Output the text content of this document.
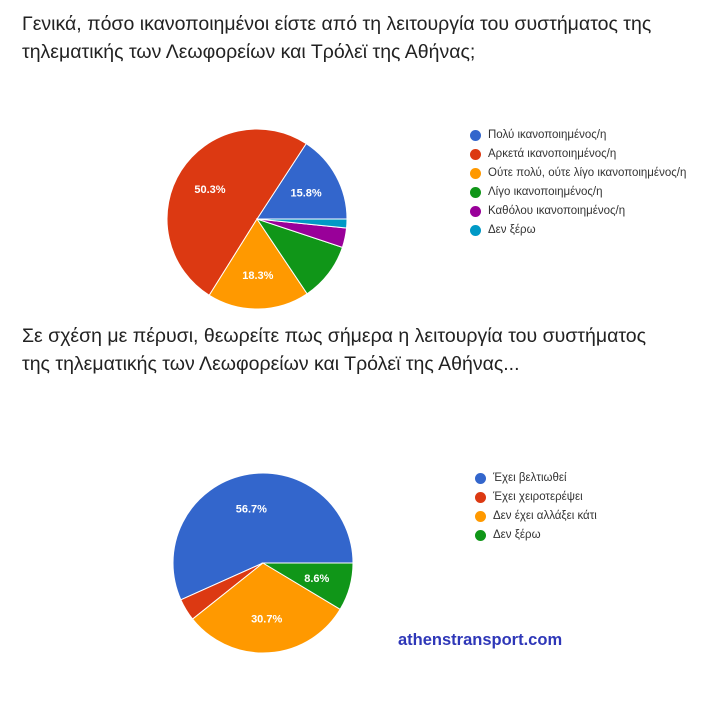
Γενικά, πόσο ικανοποιημένοι είστε από τη λειτουργία του συστήματος της τηλεματικής των Λεωφορείων και Τρόλεϊ της Αθήνας;
15.8%
50.3%
18.3%
Πολύ ικανοποιημένος/η
Αρκετά ικανοποιημένος/η
Ούτε πολύ, ούτε λίγο ικανοποιημένος/η
Λίγο ικανοποιημένος/η
Καθόλου ικανοποιημένος/η
Δεν ξέρω
Σε σχέση με πέρυσι, θεωρείτε πως σήμερα η λειτουργία του συστήματος της τηλεματικής των Λεωφορείων και Τρόλεϊ της Αθήνας...
56.7%
30.7%
8.6%
Έχει βελτιωθεί
Έχει χειροτερέψει
Δεν έχει αλλάξει κάτι
Δεν ξέρω
athenstransport.com
